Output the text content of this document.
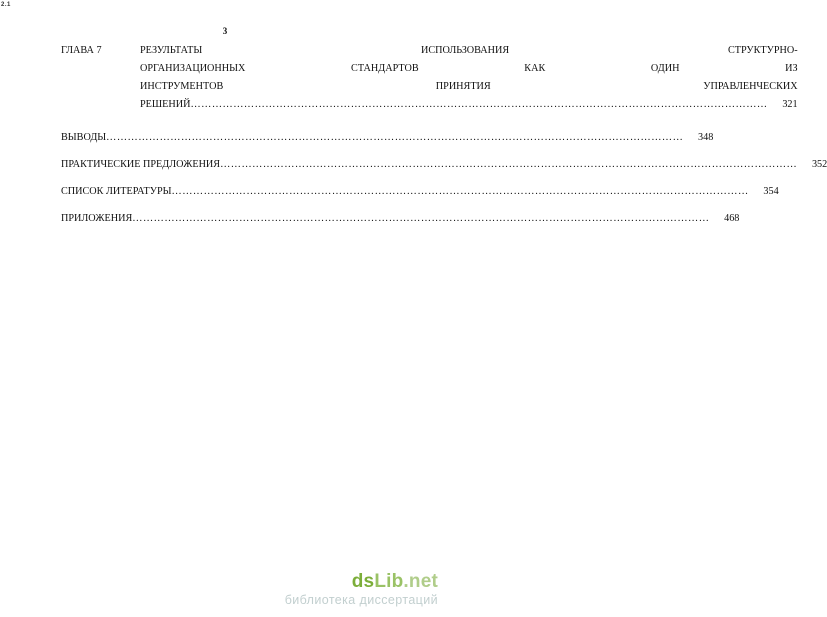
2.1
3
ГЛАВА 7	РЕЗУЛЬТАТЫ ИСПОЛЬЗОВАНИЯ СТРУКТУРНО-
ОРГАНИЗАЦИОННЫХ СТАНДАРТОВ КАК ОДИН ИЗ
ИНСТРУМЕНТОВ ПРИНЯТИЯ УПРАВЛЕНЧЕСКИХ
РЕШЕНИЙ ………………………………………………………………………………………………………………………………………………	321
ВЫВОДЫ ………………………………………………………………………………………………………………………………………………	348
ПРАКТИЧЕСКИЕ ПРЕДЛОЖЕНИЯ ………………………………………………………………………………………………………………………………………………	352
СПИСОК ЛИТЕРАТУРЫ ………………………………………………………………………………………………………………………………………………	354
ПРИЛОЖЕНИЯ ………………………………………………………………………………………………………………………………………………	468
dsLib.net
библиотека диссертаций
